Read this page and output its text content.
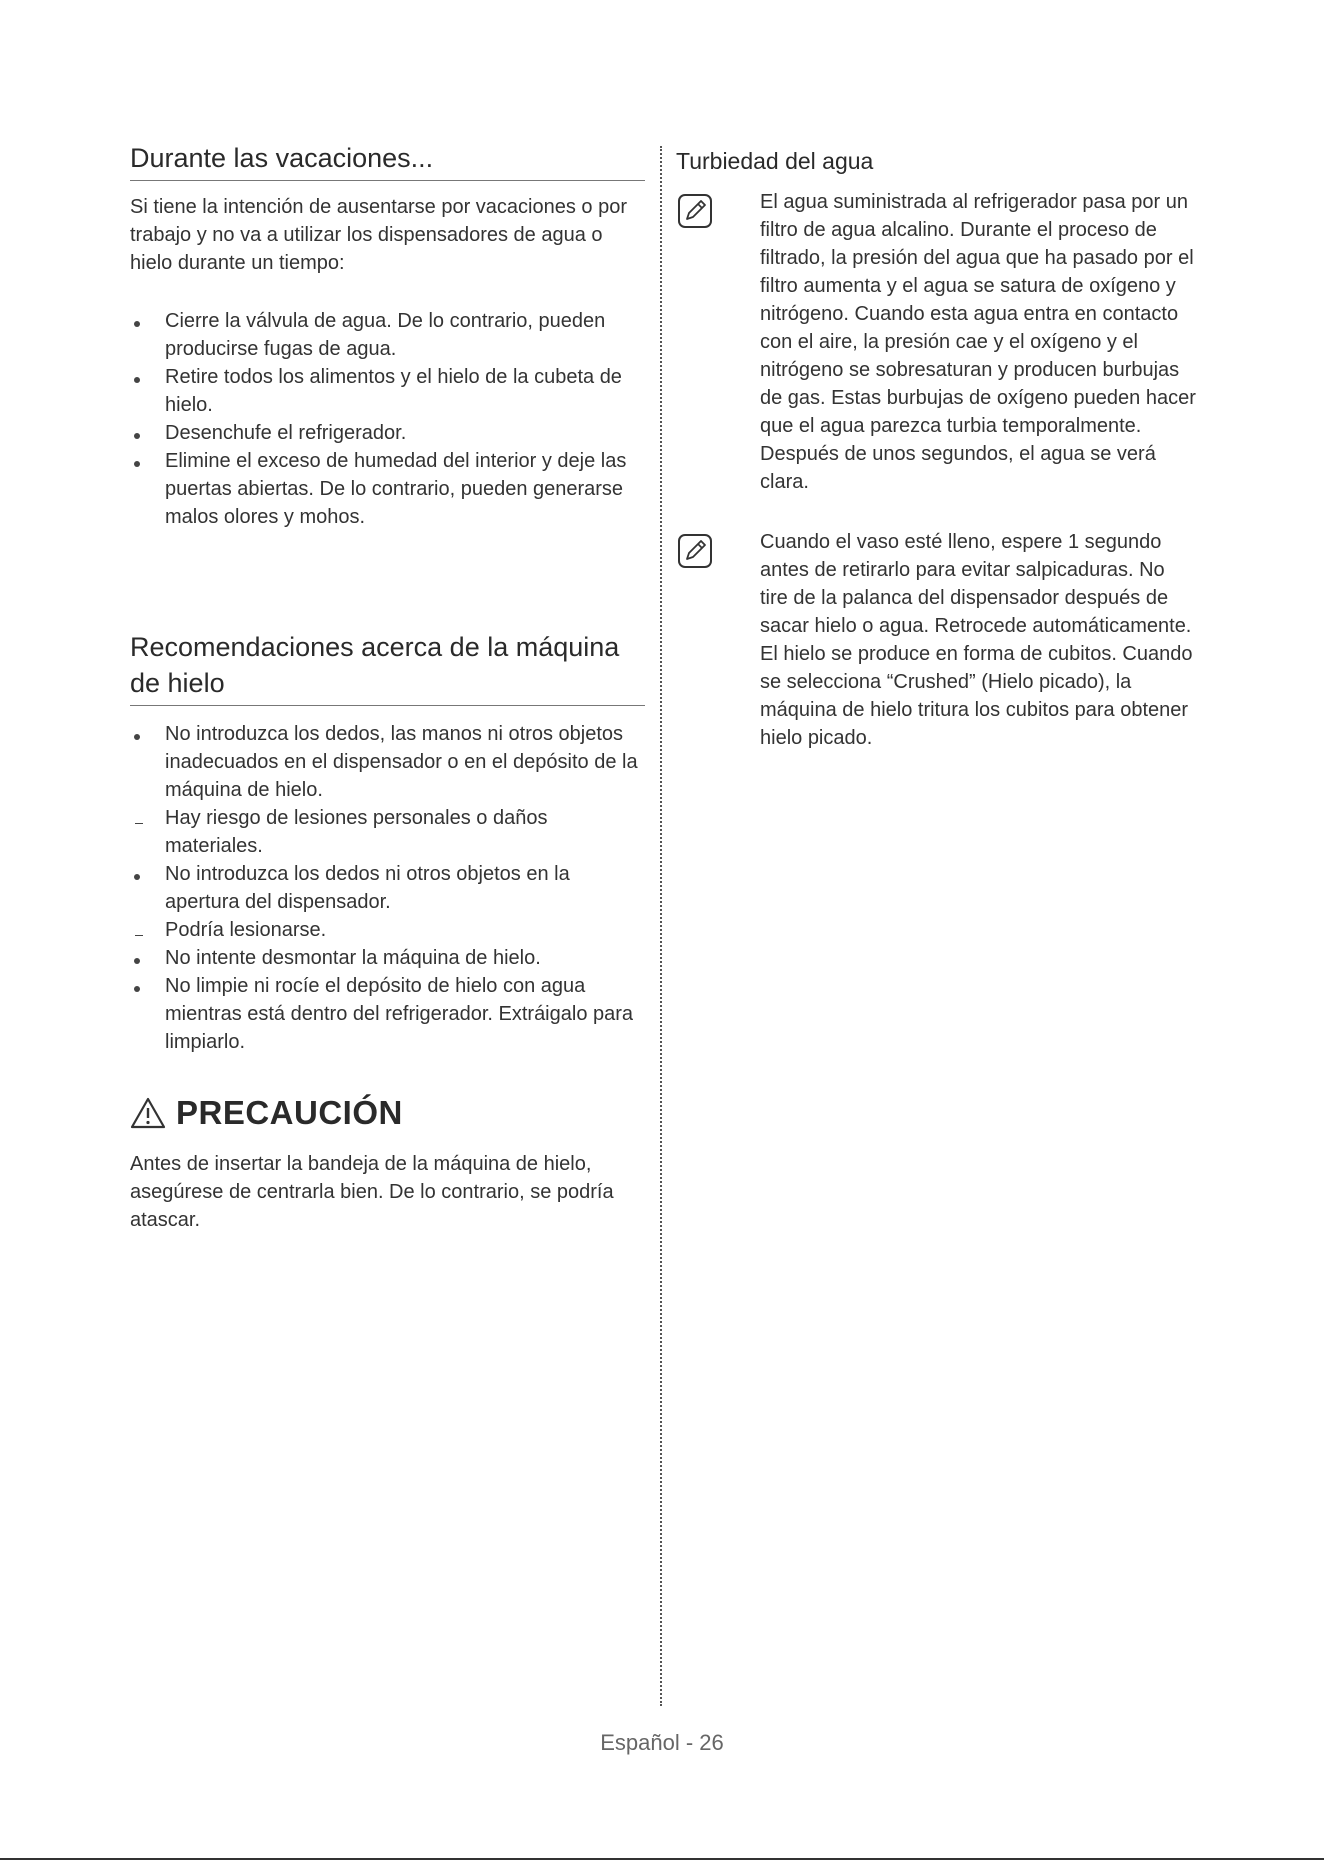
Durante las vacaciones...

Si tiene la intención de ausentarse por vacaciones o por trabajo y no va a utilizar los dispensadores de agua o hielo durante un tiempo:

Cierre la válvula de agua. De lo contrario, pueden producirse fugas de agua.
Retire todos los alimentos y el hielo de la cubeta de hielo.
Desenchufe el refrigerador.
Elimine el exceso de humedad del interior y deje las puertas abiertas. De lo contrario, pueden generarse malos olores y mohos.
Recomendaciones acerca de la máquina de hielo
No introduzca los dedos, las manos ni otros objetos inadecuados en el dispensador o en el depósito de la máquina de hielo.
Hay riesgo de lesiones personales o daños materiales.
No introduzca los dedos ni otros objetos en la apertura del dispensador.
Podría lesionarse.
No intente desmontar la máquina de hielo.
No limpie ni rocíe el depósito de hielo con agua mientras está dentro del refrigerador. Extráigalo para limpiarlo.
PRECAUCIÓN

Antes de insertar la bandeja de la máquina de hielo, asegúrese de centrarla bien. De lo contrario, se podría atascar.

Turbiedad del agua

El agua suministrada al refrigerador pasa por un filtro de agua alcalino. Durante el proceso de filtrado, la presión del agua que ha pasado por el filtro aumenta y el agua se satura de oxígeno y nitrógeno. Cuando esta agua entra en contacto con el aire, la presión cae y el oxígeno y el nitrógeno se sobresaturan y producen burbujas de gas. Estas burbujas de oxígeno pueden hacer que el agua parezca turbia temporalmente. Después de unos segundos, el agua se verá clara.

Cuando el vaso esté lleno, espere 1 segundo antes de retirarlo para evitar salpicaduras. No tire de la palanca del dispensador después de sacar hielo o agua. Retrocede automáticamente. El hielo se produce en forma de cubitos. Cuando se selecciona “Crushed” (Hielo picado), la máquina de hielo tritura los cubitos para obtener hielo picado.

Español - 26
